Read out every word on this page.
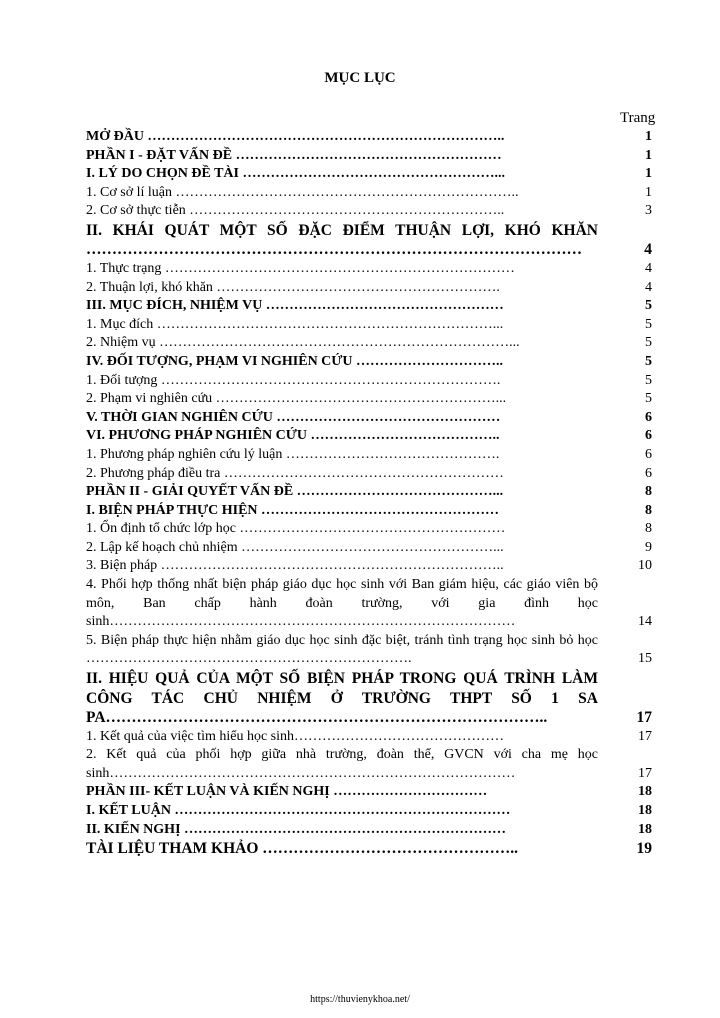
MỤC LỤC
Trang
MỞ ĐẦU …………………………………………………………………..	1
PHẦN I - ĐẶT VẤN ĐỀ …………………………………………………	1
I. LÝ DO CHỌN ĐỀ TÀI ………………………………………………...	1
1. Cơ sở lí luận ………………………………………………………………..	1
2. Cơ sở thực tiễn …………………………………………………………..	3
II. KHÁI QUÁT MỘT SỐ ĐẶC ĐIỂM THUẬN LỢI, KHÓ KHĂN ……………………………………………………………………………………	4
1. Thực trạng …………………………………………………………………	4
2. Thuận lợi, khó khăn …………………………………………………….	4
III. MỤC ĐÍCH, NHIỆM VỤ ……………………………………………	5
1. Mục đích ………………………………………………………………...	5
2. Nhiệm vụ …………………………………………………………………...	5
IV. ĐỐI TƯỢNG, PHẠM VI NGHIÊN CỨU …………………………..	5
1. Đối tượng ……………………………………………………………….	5
2. Phạm vi nghiên cứu ……………………………………………………...	5
V. THỜI GIAN NGHIÊN CỨU …………………………………………	6
VI. PHƯƠNG PHÁP NGHIÊN CỨU …………………………………..	6
1. Phương pháp nghiên cứu lý luận ……………………………………….	6
2. Phương pháp điều tra ……………………………………………………	6
PHẦN II - GIẢI QUYẾT VẤN ĐỀ ……………………………………...	8
I. BIỆN PHÁP THỰC HIỆN ……………………………………………	8
1. Ổn định tổ chức lớp học …………………………………………………	8
2. Lập kế hoạch chủ nhiệm ………………………………………………...	9
3. Biện pháp ………………………………………………………………..	10
4. Phối hợp thống nhất biện pháp giáo dục học sinh với Ban giám hiệu, các giáo viên bộ môn, Ban chấp hành đoàn trường, với gia đình học sinh……………………………………………………………………………	14
5. Biện pháp thực hiện nhằm giáo dục học sinh đặc biệt, tránh tình trạng học sinh bỏ học …………………………………………………………….	15
II. HIỆU QUẢ CỦA MỘT SỐ BIỆN PHÁP TRONG QUÁ TRÌNH LÀM CÔNG TÁC CHỦ NHIỆM Ở TRƯỜNG THPT SỐ 1 SA PA…………………………………………………………………………..	17
1. Kết quả của việc tìm hiểu học sinh………………………………………	17
2. Kết quả của phối hợp giữa nhà trường, đoàn thể, GVCN với cha mẹ học sinh……………………………………………………………………………	17
PHẦN III- KẾT LUẬN VÀ KIẾN NGHỊ ……………………………	18
I. KẾT LUẬN ………………………………………………………………	18
II. KIẾN NGHỊ ……………………………………………………………	18
TÀI LIỆU THAM KHẢO …………………………………………..	19
https://thuvienykhoa.net/
